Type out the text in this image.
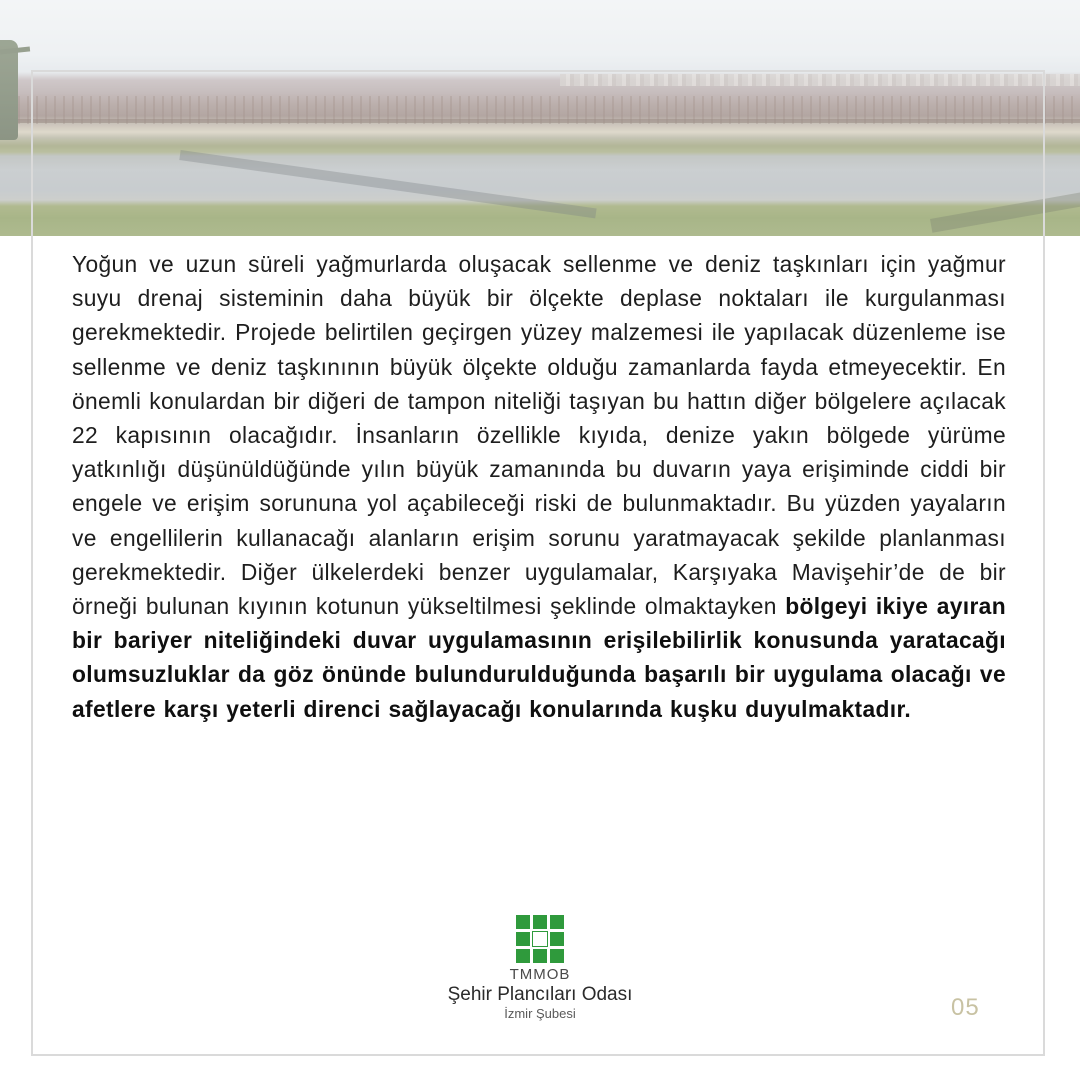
Yoğun ve uzun süreli yağmurlarda oluşacak sellenme ve deniz taşkınları için yağmur suyu drenaj sisteminin daha büyük bir ölçekte deplase noktaları ile kurgulanması gerekmektedir. Projede belirtilen geçirgen yüzey malzemesi ile yapılacak düzenleme ise sellenme ve deniz taşkınının büyük ölçekte olduğu zamanlarda fayda etmeyecektir. En önemli konulardan bir diğeri de tampon niteliği taşıyan bu hattın diğer bölgelere açılacak 22 kapısının olacağıdır. İnsanların özellikle kıyıda, denize yakın bölgede yürüme yatkınlığı düşünüldüğünde yılın büyük zamanında bu duvarın yaya erişiminde ciddi bir engele ve erişim sorununa yol açabileceği riski de bulunmaktadır. Bu yüzden yayaların ve engellilerin kullanacağı alanların erişim sorunu yaratmayacak şekilde planlanması gerekmektedir. Diğer ülkelerdeki benzer uygulamalar, Karşıyaka Mavişehir’de de bir örneği bulunan kıyının kotunun yükseltilmesi şeklinde olmaktayken bölgeyi ikiye ayıran bir bariyer niteliğindeki duvar uygulamasının erişilebilirlik konusunda yaratacağı olumsuzluklar da göz önünde bulundurulduğunda başarılı bir uygulama olacağı ve afetlere karşı yeterli direnci sağlayacağı konularında kuşku duyulmaktadır.
TMMOB
Şehir Plancıları Odası
İzmir Şubesi	05
